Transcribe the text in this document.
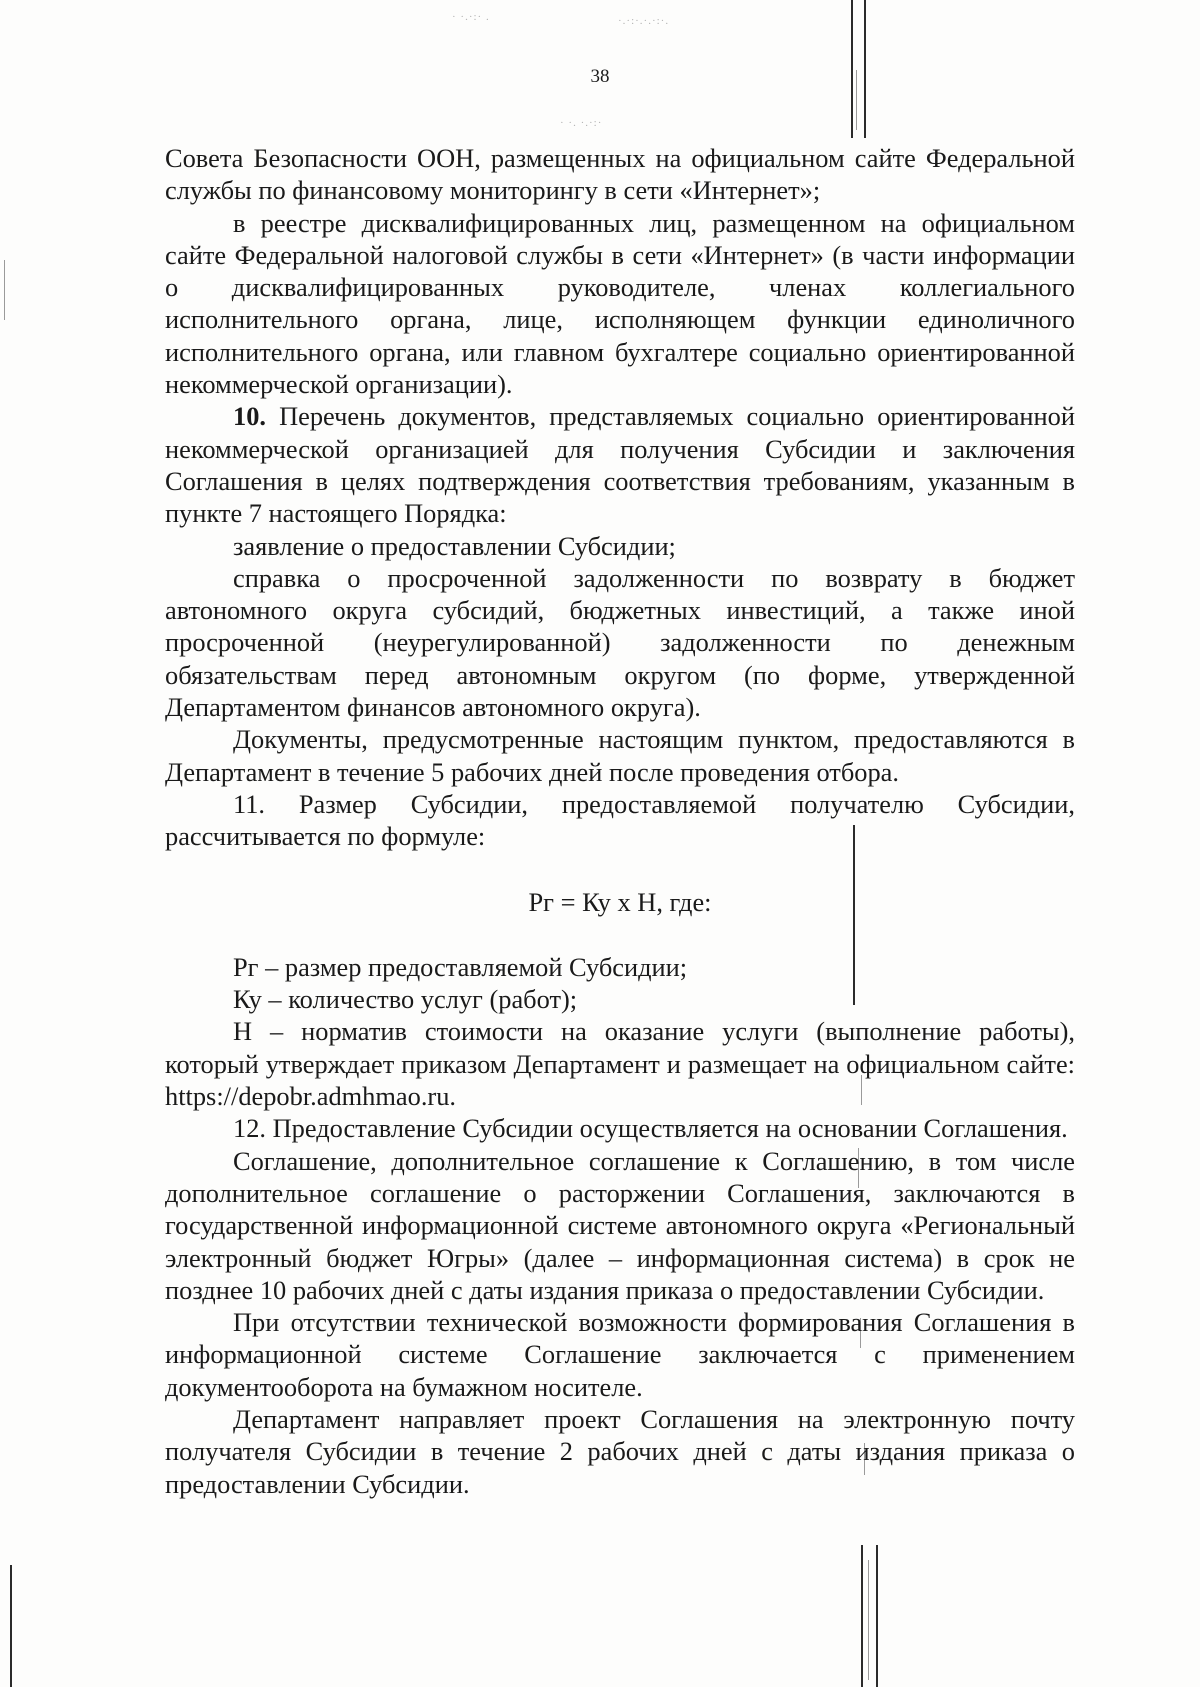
· ·.·:· .	·.·:·.·.·:·.
· ·. ·.·:·
38

Совета Безопасности ООН, размещенных на официальном сайте Федеральной службы по финансовому мониторингу в сети «Интернет»;

в реестре дисквалифицированных лиц, размещенном на официальном сайте Федеральной налоговой службы в сети «Интернет» (в части информации о дисквалифицированных руководителе, членах коллегиального исполнительного органа, лице, исполняющем функции единоличного исполнительного органа, или главном бухгалтере социально ориентированной некоммерческой организации).

10. Перечень документов, представляемых социально ориентированной некоммерческой организацией для получения Субсидии и заключения Соглашения в целях подтверждения соответствия требованиям, указанным в пункте 7 настоящего Порядка:

заявление о предоставлении Субсидии;

справка о просроченной задолженности по возврату в бюджет автономного округа субсидий, бюджетных инвестиций, а также иной просроченной (неурегулированной) задолженности по денежным обязательствам перед автономным округом (по форме, утвержденной Департаментом финансов автономного округа).

Документы, предусмотренные настоящим пунктом, предоставляются в Департамент в течение 5 рабочих дней после проведения отбора.

11. Размер Субсидии, предоставляемой получателю Субсидии, рассчитывается по формуле:

Рг = Ку х Н, где:

Рг – размер предоставляемой Субсидии;

Ку – количество услуг (работ);

Н – норматив стоимости на оказание услуги (выполнение работы), который утверждает приказом Департамент и размещает на официальном сайте: https://depobr.admhmao.ru.

12. Предоставление Субсидии осуществляется на основании Соглашения.

Соглашение, дополнительное соглашение к Соглашению, в том числе дополнительное соглашение о расторжении Соглашения, заключаются в государственной информационной системе автономного округа «Региональный электронный бюджет Югры» (далее – информационная система) в срок не позднее 10 рабочих дней с даты издания приказа о предоставлении Субсидии.

При отсутствии технической возможности формирования Соглашения в информационной системе Соглашение заключается с применением документооборота на бумажном носителе.

Департамент направляет проект Соглашения на электронную почту получателя Субсидии в течение 2 рабочих дней с даты издания приказа о предоставлении Субсидии.
